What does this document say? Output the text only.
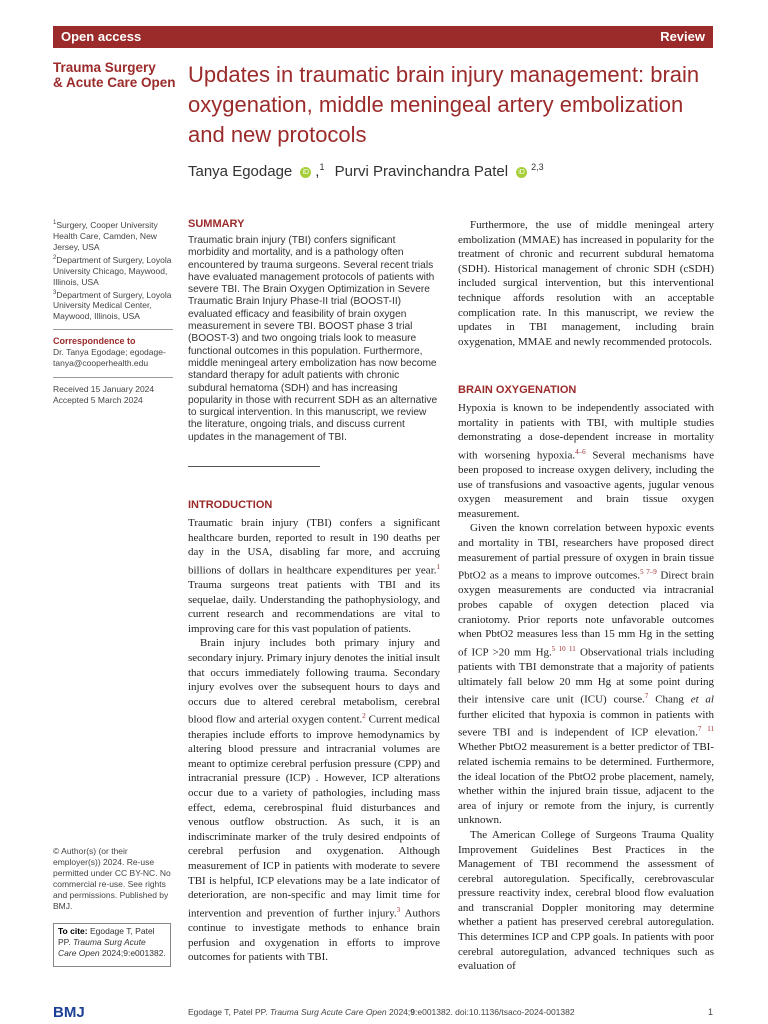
Open access	Review
Trauma Surgery
& Acute Care Open Updates in traumatic brain injury management: brain oxygenation, middle meningeal artery embolization and new protocols
Tanya Egodage iD ,$^1$ Purvi Pravinchandra Patel iD$^{2,3}$

$^1$Surgery, Cooper University Health Care, Camden, New Jersey, USA

$^2$Department of Surgery, Loyola University Chicago, Maywood, Illinois, USA

$^3$Department of Surgery, Loyola University Medical Center, Maywood, Illinois, USA

Correspondence to

Dr. Tanya Egodage; egodage-tanya@cooperhealth.edu

Received 15 January 2024

Accepted 5 March 2024

© Author(s) (or their employer(s)) 2024. Re-use permitted under CC BY-NC. No commercial re-use. See rights and permissions. Published by BMJ.

To cite: Egodage T, Patel PP. Trauma Surg Acute Care Open 2024;9:e001382.
SUMMARY
Traumatic brain injury (TBI) confers significant morbidity and mortality, and is a pathology often encountered by trauma surgeons. Several recent trials have evaluated management protocols of patients with severe TBI. The Brain Oxygen Optimization in Severe Traumatic Brain Injury Phase-II trial (BOOST-II) evaluated efficacy and feasibility of brain oxygen measurement in severe TBI. BOOST phase 3 trial (BOOST-3) and two ongoing trials look to measure functional outcomes in this population. Furthermore, middle meningeal artery embolization has now become standard therapy for adult patients with chronic subdural hematoma (SDH) and has increasing popularity in those with recurrent SDH as an alternative to surgical intervention. In this manuscript, we review the literature, ongoing trials, and discuss current updates in the management of TBI.
INTRODUCTION

Traumatic brain injury (TBI) confers a significant healthcare burden, reported to result in 190 deaths per day in the USA, disabling far more, and accruing billions of dollars in healthcare expenditures per year.$^1$ Trauma surgeons treat patients with TBI and its sequelae, daily. Understanding the pathophysiology, and current research and recommendations are vital to improving care for this vast population of patients.

Brain injury includes both primary injury and secondary injury. Primary injury denotes the initial insult that occurs immediately following trauma. Secondary injury evolves over the subsequent hours to days and occurs due to altered cerebral metabolism, cerebral blood flow and arterial oxygen content.$^2$ Current medical therapies include efforts to improve hemodynamics by altering blood pressure and intracranial volumes are meant to optimize cerebral perfusion pressure (CPP) and intracranial pressure (ICP) . However, ICP alterations occur due to a variety of pathologies, including mass effect, edema, cerebrospinal fluid disturbances and venous outflow obstruction. As such, it is an indiscriminate marker of the truly desired endpoints of cerebral perfusion and oxygenation. Although measurement of ICP in patients with moderate to severe TBI is helpful, ICP elevations may be a late indicator of deterioration, are non-specific and may limit time for intervention and prevention of further injury.$^3$ Authors continue to investigate methods to enhance brain perfusion and oxygenation in efforts to improve outcomes for patients with TBI.

Furthermore, the use of middle meningeal artery embolization (MMAE) has increased in popularity for the treatment of chronic and recurrent subdural hematoma (SDH). Historical management of chronic SDH (cSDH) included surgical intervention, but this interventional technique affords resolution with an acceptable complication rate. In this manuscript, we review the updates in TBI management, including brain oxygenation, MMAE and newly recommended protocols.

BRAIN OXYGENATION

Hypoxia is known to be independently associated with mortality in patients with TBI, with multiple studies demonstrating a dose-dependent increase in mortality with worsening hypoxia.$^{4-6}$ Several mechanisms have been proposed to increase oxygen delivery, including the use of transfusions and vasoactive agents, jugular venous oxygen measurement and brain tissue oxygen measurement.

Given the known correlation between hypoxic events and mortality in TBI, researchers have proposed direct measurement of partial pressure of oxygen in brain tissue PbtO2 as a means to improve outcomes.$^{5 7-9}$ Direct brain oxygen measurements are conducted via intracranial probes capable of oxygen detection placed via craniotomy. Prior reports note unfavorable outcomes when PbtO2 measures less than 15 mm Hg in the setting of ICP >20 mm Hg.$^{5 10 11}$ Observational trials including patients with TBI demonstrate that a majority of patients ultimately fall below 20 mm Hg at some point during their intensive care unit (ICU) course.$^7$ Chang et al further elicited that hypoxia is common in patients with severe TBI and is independent of ICP elevation.$^{7 11}$ Whether PbtO2 measurement is a better predictor of TBI-related ischemia remains to be determined. Furthermore, the ideal location of the PbtO2 probe placement, namely, whether within the injured brain tissue, adjacent to the area of injury or remote from the injury, is currently unknown.

The American College of Surgeons Trauma Quality Improvement Guidelines Best Practices in the Management of TBI recommend the assessment of cerebral autoregulation. Specifically, cerebrovascular pressure reactivity index, cerebral blood flow evaluation and transcranial Doppler monitoring may determine whether a patient has preserved cerebral autoregulation. This determines ICP and CPP goals. In patients with poor cerebral autoregulation, advanced techniques such as evaluation of

BMJ	Egodage T, Patel PP. Trauma Surg Acute Care Open 2024;9:e001382. doi:10.1136/tsaco-2024-001382	1
